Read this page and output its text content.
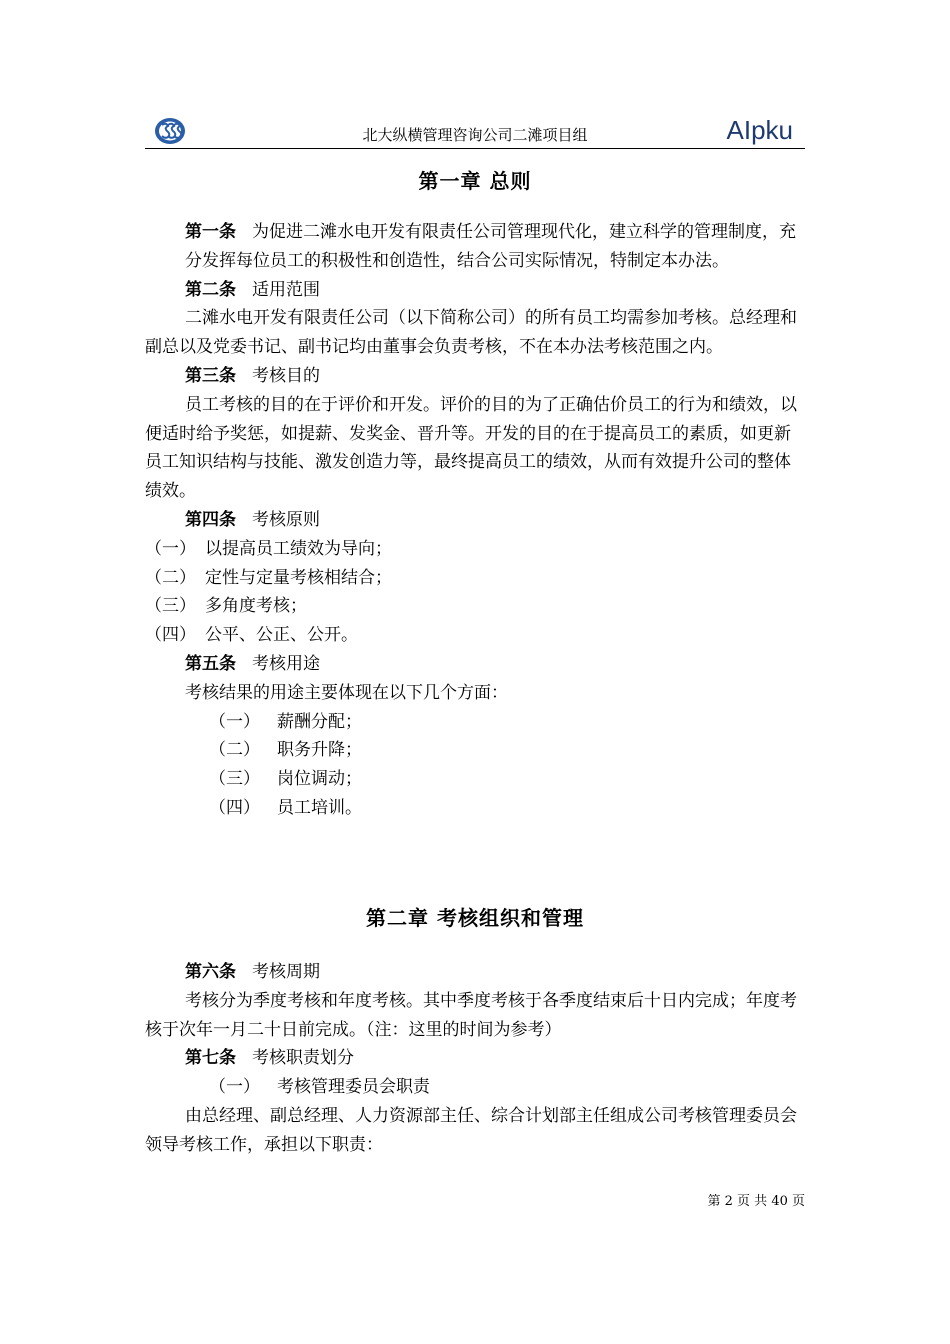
北大纵横管理咨询公司二滩项目组	AIpku
第一章 总则

第一条 为促进二滩水电开发有限责任公司管理现代化，建立科学的管理制度，充分发挥每位员工的积极性和创造性，结合公司实际情况，特制定本办法。

第二条 适用范围

二滩水电开发有限责任公司（以下简称公司）的所有员工均需参加考核。总经理和副总以及党委书记、副书记均由董事会负责考核，不在本办法考核范围之内。

第三条 考核目的

员工考核的目的在于评价和开发。评价的目的为了正确估价员工的行为和绩效，以便适时给予奖惩，如提薪、发奖金、晋升等。开发的目的在于提高员工的素质，如更新员工知识结构与技能、激发创造力等，最终提高员工的绩效，从而有效提升公司的整体绩效。

第四条 考核原则

（一） 以提高员工绩效为导向；

（二） 定性与定量考核相结合；

（三） 多角度考核；

（四） 公平、公正、公开。

第五条 考核用途

考核结果的用途主要体现在以下几个方面：

（一） 薪酬分配；

（二） 职务升降；

（三） 岗位调动；

（四） 员工培训。

第二章 考核组织和管理

第六条 考核周期

考核分为季度考核和年度考核。其中季度考核于各季度结束后十日内完成；年度考核于次年一月二十日前完成。（注：这里的时间为参考）

第七条 考核职责划分

（一） 考核管理委员会职责

由总经理、副总经理、人力资源部主任、综合计划部主任组成公司考核管理委员会领导考核工作，承担以下职责：

第 2 页 共 40 页
